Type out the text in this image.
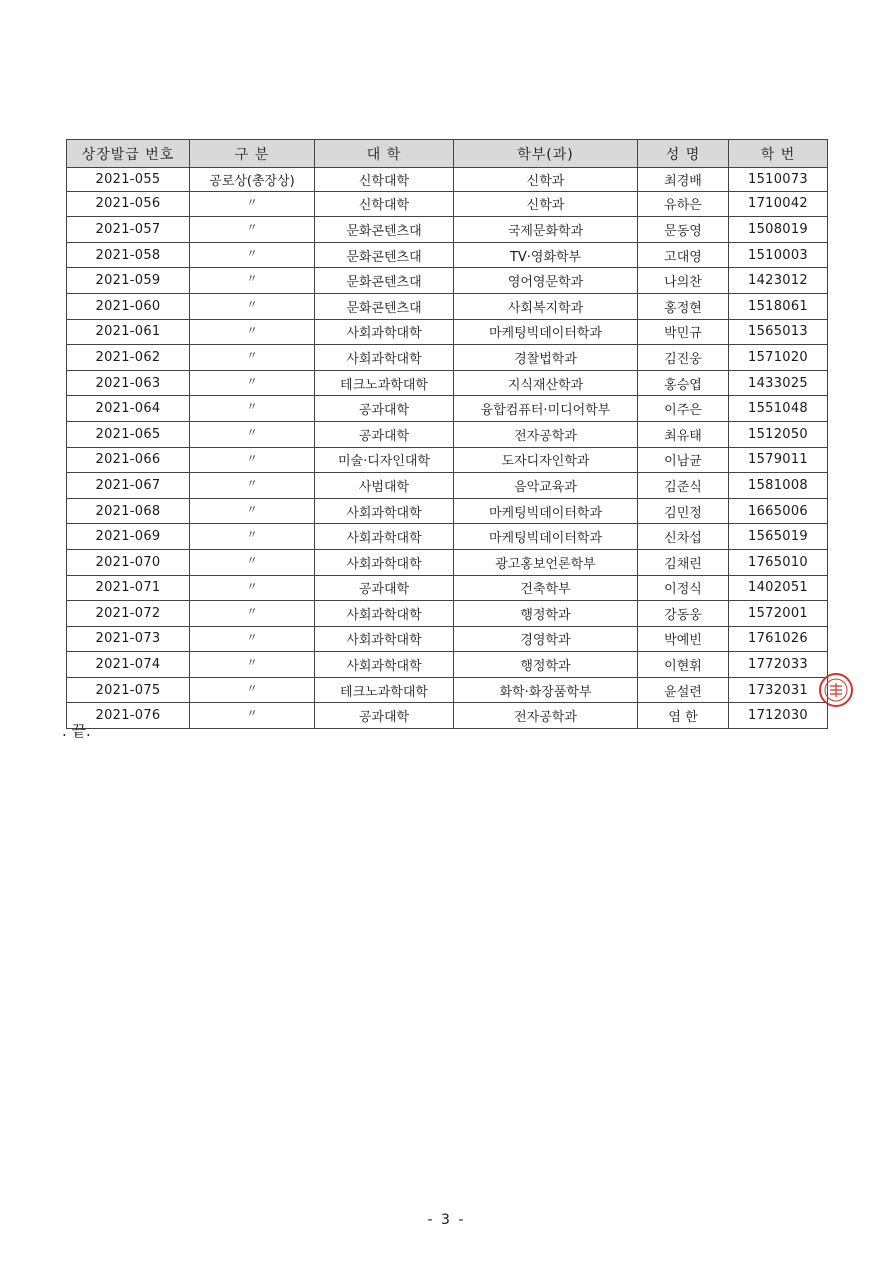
상장발급 번호	구 분	대 학	학부(과)	성 명	학 번
2021-055	공로상(총장상)	신학대학	신학과	최경배	1510073
2021-056	〃	신학대학	신학과	유하은	1710042
2021-057	〃	문화콘텐츠대	국제문화학과	문동영	1508019
2021-058	〃	문화콘텐츠대	TV·영화학부	고대영	1510003
2021-059	〃	문화콘텐츠대	영어영문학과	나의찬	1423012
2021-060	〃	문화콘텐츠대	사회복지학과	홍정현	1518061
2021-061	〃	사회과학대학	마케팅빅데이터학과	박민규	1565013
2021-062	〃	사회과학대학	경찰법학과	김진웅	1571020
2021-063	〃	테크노과학대학	지식재산학과	홍승엽	1433025
2021-064	〃	공과대학	융합컴퓨터·미디어학부	이주은	1551048
2021-065	〃	공과대학	전자공학과	최유태	1512050
2021-066	〃	미술·디자인대학	도자디자인학과	이남균	1579011
2021-067	〃	사범대학	음악교육과	김준식	1581008
2021-068	〃	사회과학대학	마케팅빅데이터학과	김민정	1665006
2021-069	〃	사회과학대학	마케팅빅데이터학과	신차섭	1565019
2021-070	〃	사회과학대학	광고홍보언론학부	김채린	1765010
2021-071	〃	공과대학	건축학부	이정식	1402051
2021-072	〃	사회과학대학	행정학과	강동웅	1572001
2021-073	〃	사회과학대학	경영학과	박예빈	1761026
2021-074	〃	사회과학대학	행정학과	이현휘	1772033
2021-075	〃	테크노과학대학	화학·화장품학부	윤설련	1732031
2021-076	〃	공과대학	전자공학과	염 한	1712030
. 끝.
- 3 -
